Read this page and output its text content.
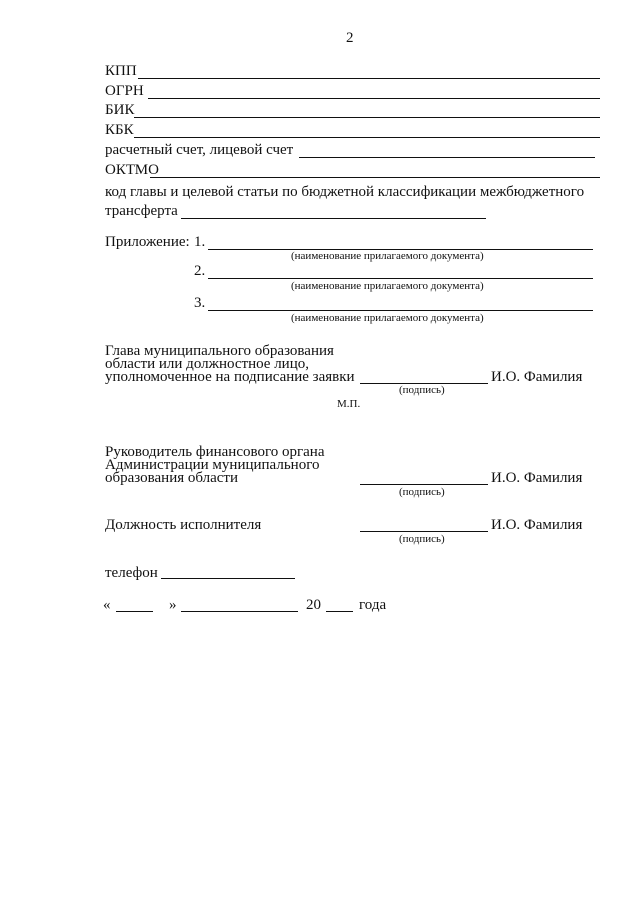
2
КПП
ОГРН
БИК
КБК
расчетный счет, лицевой счет
ОКТМО
код главы и целевой статьи по бюджетной классификации межбюджетного
трансферта
Приложение: 1.
(наименование прилагаемого документа)
2.
(наименование прилагаемого документа)
3.
(наименование прилагаемого документа)
Глава муниципального образования
области или должностное лицо,
уполномоченное на подписание заявки	И.О. Фамилия
(подпись)
М.П.
Руководитель финансового органа
Администрации муниципального
образования области	И.О. Фамилия
(подпись)
Должность исполнителя	И.О. Фамилия
(подпись)
телефон
«	»	20	года
